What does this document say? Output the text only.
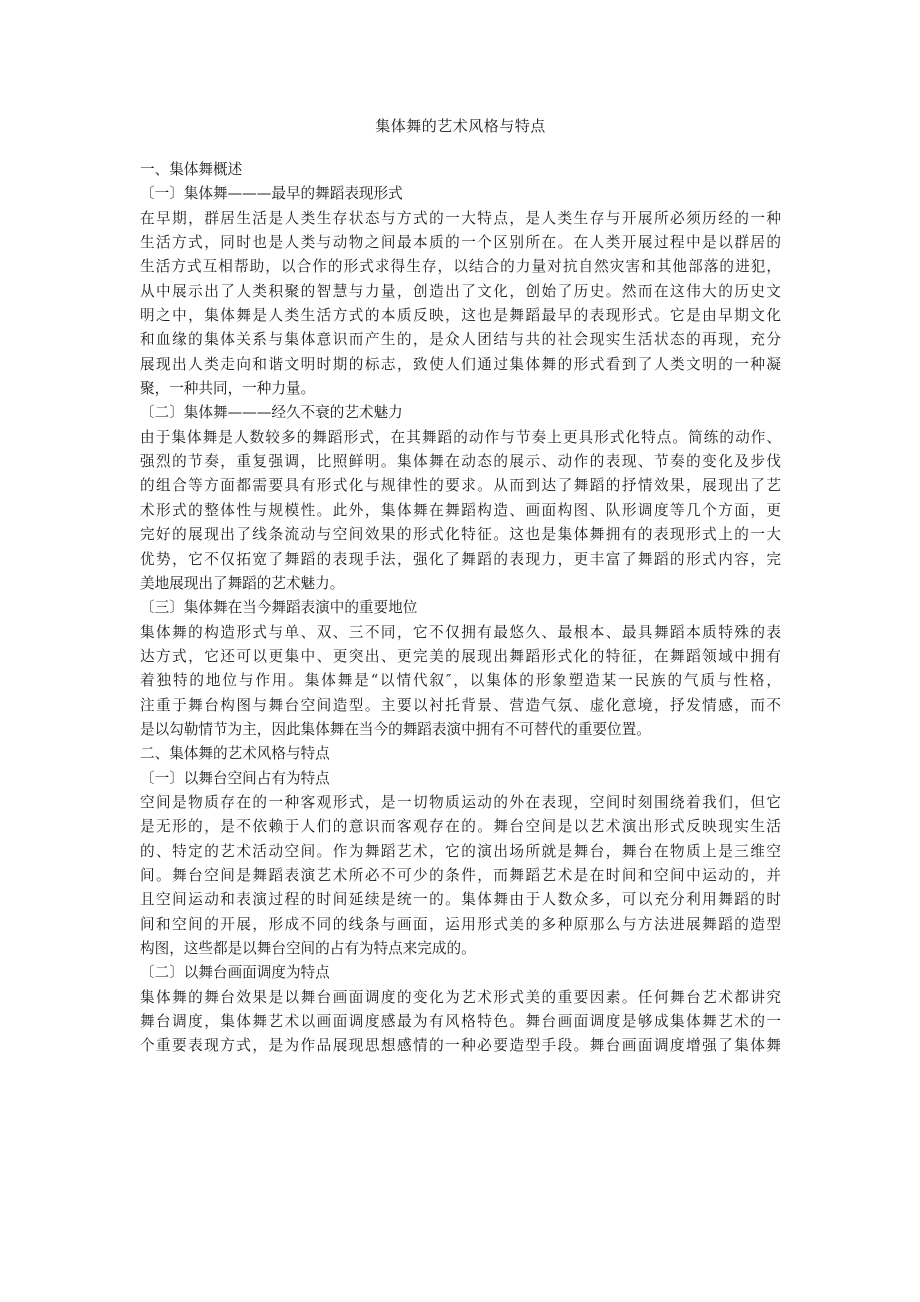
集体舞的艺术风格与特点
一、集体舞概述
〔一〕集体舞———最早的舞蹈表现形式
在早期，群居生活是人类生存状态与方式的一大特点，是人类生存与开展所必须历经的一种
生活方式，同时也是人类与动物之间最本质的一个区别所在。在人类开展过程中是以群居的
生活方式互相帮助，以合作的形式求得生存，以结合的力量对抗自然灾害和其他部落的进犯，
从中展示出了人类积聚的智慧与力量，创造出了文化，创始了历史。然而在这伟大的历史文
明之中，集体舞是人类生活方式的本质反映，这也是舞蹈最早的表现形式。它是由早期文化
和血缘的集体关系与集体意识而产生的，是众人团结与共的社会现实生活状态的再现，充分
展现出人类走向和谐文明时期的标志，致使人们通过集体舞的形式看到了人类文明的一种凝
聚，一种共同，一种力量。
〔二〕集体舞———经久不衰的艺术魅力
由于集体舞是人数较多的舞蹈形式，在其舞蹈的动作与节奏上更具形式化特点。简练的动作、
强烈的节奏，重复强调，比照鲜明。集体舞在动态的展示、动作的表现、节奏的变化及步伐
的组合等方面都需要具有形式化与规律性的要求。从而到达了舞蹈的抒情效果，展现出了艺
术形式的整体性与规模性。此外，集体舞在舞蹈构造、画面构图、队形调度等几个方面，更
完好的展现出了线条流动与空间效果的形式化特征。这也是集体舞拥有的表现形式上的一大
优势，它不仅拓宽了舞蹈的表现手法，强化了舞蹈的表现力，更丰富了舞蹈的形式内容，完
美地展现出了舞蹈的艺术魅力。
〔三〕集体舞在当今舞蹈表演中的重要地位
集体舞的构造形式与单、双、三不同，它不仅拥有最悠久、最根本、最具舞蹈本质特殊的表
达方式，它还可以更集中、更突出、更完美的展现出舞蹈形式化的特征，在舞蹈领域中拥有
着独特的地位与作用。集体舞是“以情代叙″，以集体的形象塑造某一民族的气质与性格，
注重于舞台构图与舞台空间造型。主要以衬托背景、营造气氛、虚化意境，抒发情感，而不
是以勾勒情节为主，因此集体舞在当今的舞蹈表演中拥有不可替代的重要位置。
二、集体舞的艺术风格与特点
〔一〕以舞台空间占有为特点
空间是物质存在的一种客观形式，是一切物质运动的外在表现，空间时刻围绕着我们，但它
是无形的，是不依赖于人们的意识而客观存在的。舞台空间是以艺术演出形式反映现实生活
的、特定的艺术活动空间。作为舞蹈艺术，它的演出场所就是舞台，舞台在物质上是三维空
间。舞台空间是舞蹈表演艺术所必不可少的条件，而舞蹈艺术是在时间和空间中运动的，并
且空间运动和表演过程的时间延续是统一的。集体舞由于人数众多，可以充分利用舞蹈的时
间和空间的开展，形成不同的线条与画面，运用形式美的多种原那么与方法进展舞蹈的造型
构图，这些都是以舞台空间的占有为特点来完成的。
〔二〕以舞台画面调度为特点
集体舞的舞台效果是以舞台画面调度的变化为艺术形式美的重要因素。任何舞台艺术都讲究
舞台调度，集体舞艺术以画面调度感最为有风格特色。舞台画面调度是够成集体舞艺术的一
个重要表现方式，是为作品展现思想感情的一种必要造型手段。舞台画面调度增强了集体舞
